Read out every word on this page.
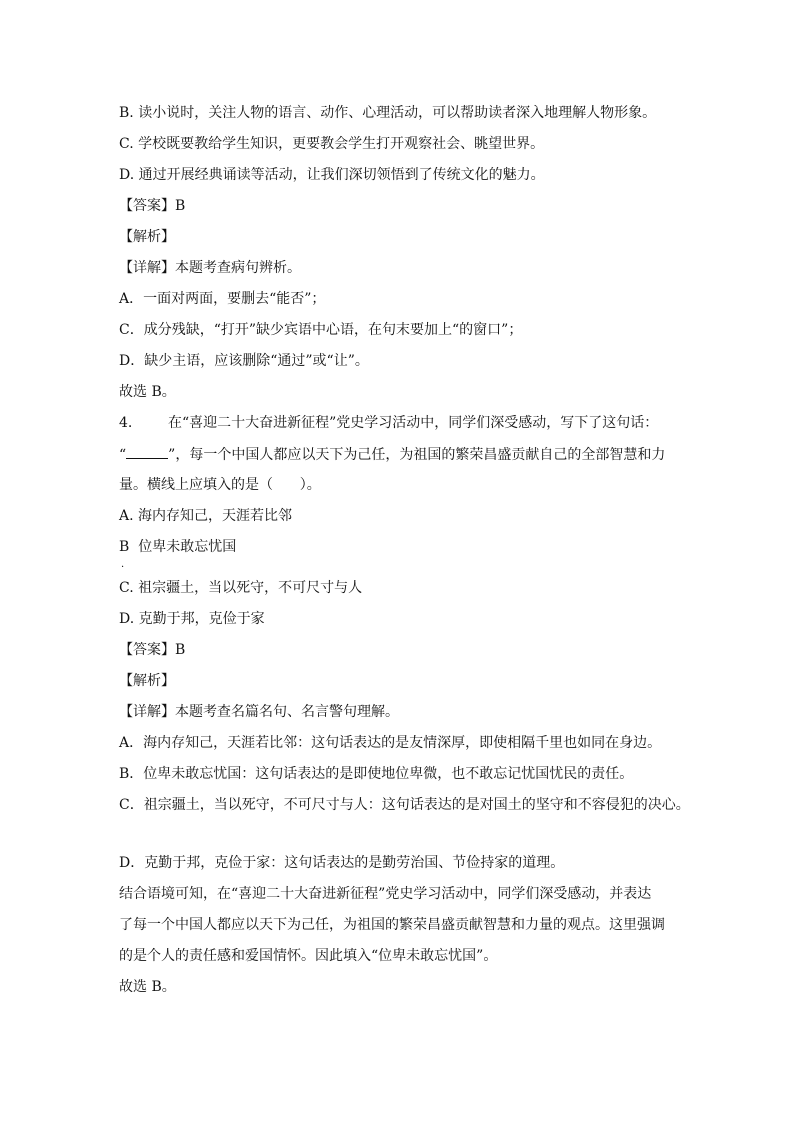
B. 读小说时，关注人物的语言、动作、心理活动，可以帮助读者深入地理解人物形象。
C. 学校既要教给学生知识，更要教会学生打开观察社会、眺望世界。
D. 通过开展经典诵读等活动，让我们深切领悟到了传统文化的魅力。
【答案】B
【解析】
【详解】本题考查病句辨析。
A．一面对两面，要删去“能否”；
C．成分残缺，“打开”缺少宾语中心语，在句末要加上“的窗口”；
D．缺少主语，应该删除“通过”或“让”。
故选 B。
4.        在“喜迎二十大奋进新征程”党史学习活动中，同学们深受感动，写下了这句话：
“	”，每一个中国人都应以天下为己任，为祖国的繁荣昌盛贡献自己的全部智慧和力
量。横线上应填入的是（      ）。
A. 海内存知己，天涯若比邻
B  位卑未敢忘忧国
·
C. 祖宗疆土，当以死守，不可尺寸与人
D. 克勤于邦，克俭于家
【答案】B
【解析】
【详解】本题考查名篇名句、名言警句理解。
A．海内存知己，天涯若比邻：这句话表达的是友情深厚，即使相隔千里也如同在身边。
B．位卑未敢忘忧国：这句话表达的是即使地位卑微，也不敢忘记忧国忧民的责任。
C．祖宗疆土，当以死守，不可尺寸与人：这句话表达的是对国土的坚守和不容侵犯的决心。
D．克勤于邦，克俭于家：这句话表达的是勤劳治国、节俭持家的道理。
结合语境可知，在“喜迎二十大奋进新征程”党史学习活动中，同学们深受感动，并表达
了每一个中国人都应以天下为己任，为祖国的繁荣昌盛贡献智慧和力量的观点。这里强调
的是个人的责任感和爱国情怀。因此填入“位卑未敢忘忧国”。
故选 B。
